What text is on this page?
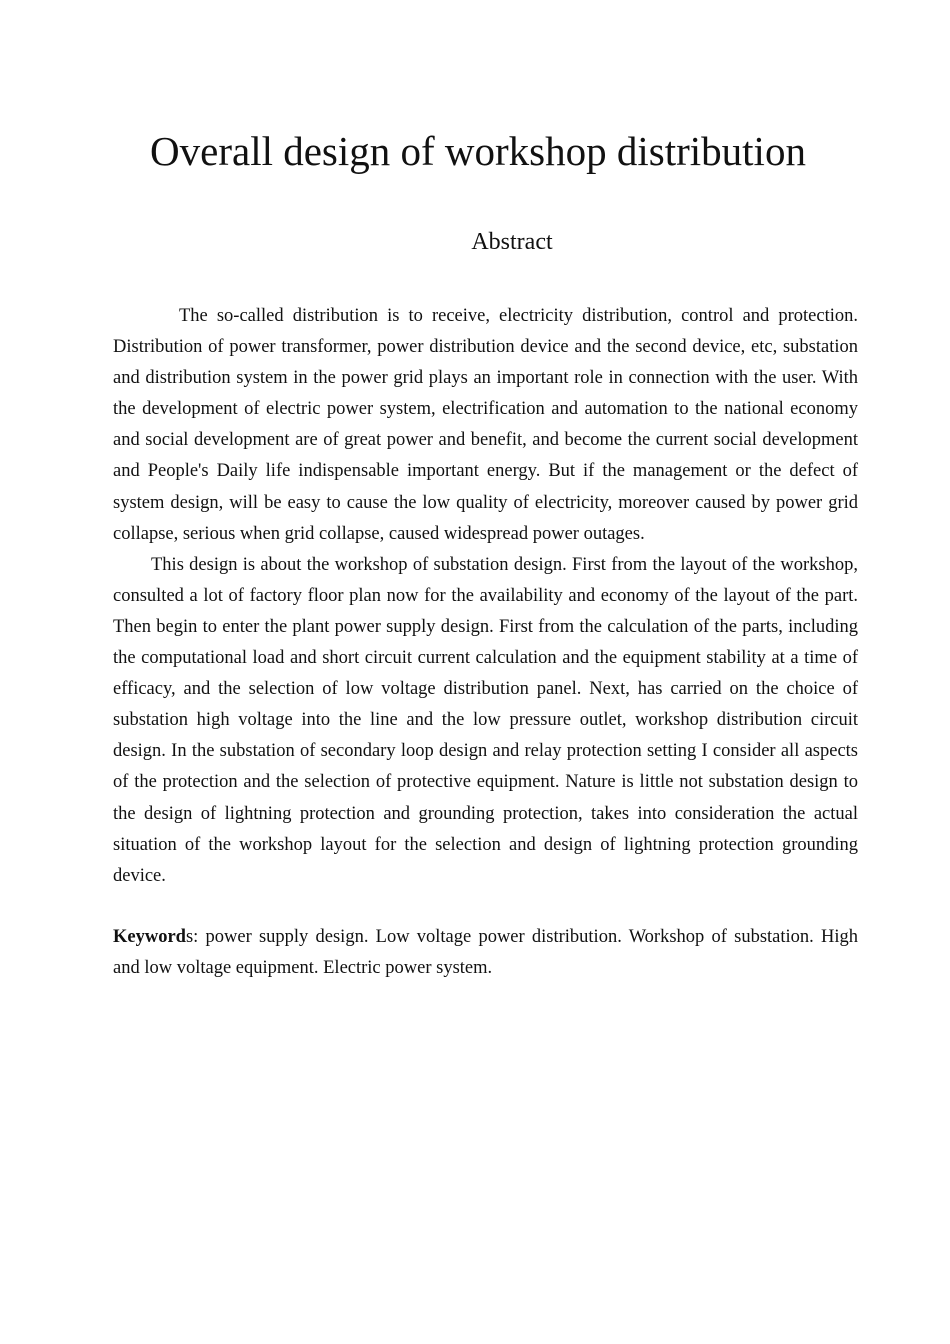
Overall design of workshop distribution
Abstract

The so-called distribution is to receive, electricity distribution, control and protection. Distribution of power transformer, power distribution device and the second device, etc, substation and distribution system in the power grid plays an important role in connection with the user. With the development of electric power system, electrification and automation to the national economy and social development are of great power and benefit, and become the current social development and People's Daily life indispensable important energy. But if the management or the defect of system design, will be easy to cause the low quality of electricity, moreover caused by power grid collapse, serious when grid collapse, caused widespread power outages.

This design is about the workshop of substation design. First from the layout of the workshop, consulted a lot of factory floor plan now for the availability and economy of the layout of the part. Then begin to enter the plant power supply design. First from the calculation of the parts, including the computational load and short circuit current calculation and the equipment stability at a time of efficacy, and the selection of low voltage distribution panel. Next, has carried on the choice of substation high voltage into the line and the low pressure outlet, workshop distribution circuit design. In the substation of secondary loop design and relay protection setting I consider all aspects of the protection and the selection of protective equipment. Nature is little not substation design to the design of lightning protection and grounding protection, takes into consideration the actual situation of the workshop layout for the selection and design of lightning protection grounding device.

Keywords: power supply design. Low voltage power distribution. Workshop of substation. High and low voltage equipment. Electric power system.
